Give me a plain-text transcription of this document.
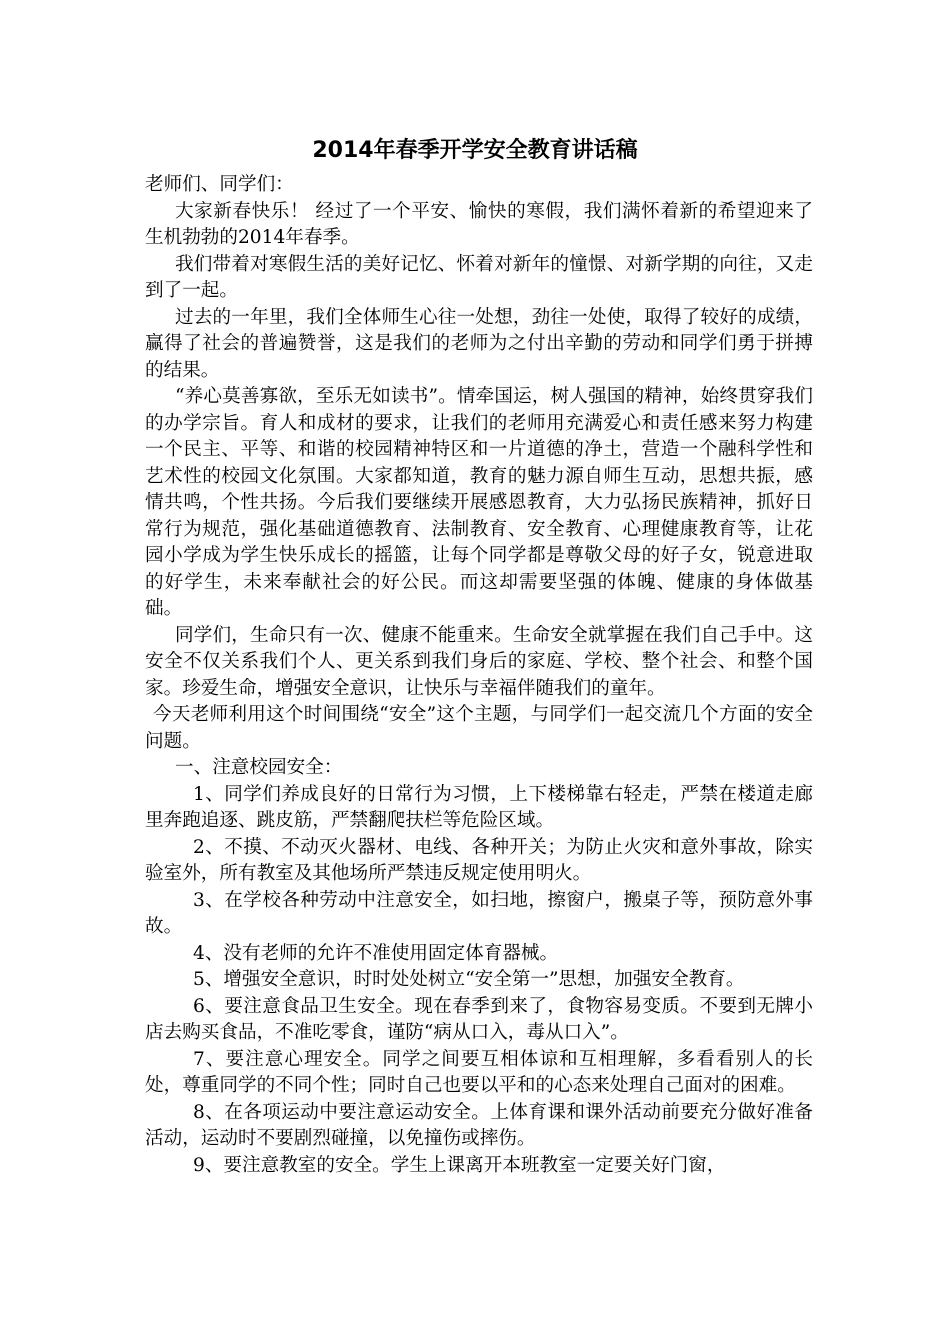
2014年春季开学安全教育讲话稿

老师们、同学们：

大家新春快乐！ 经过了一个平安、愉快的寒假，我们满怀着新的希望迎来了生机勃勃的2014年春季。

我们带着对寒假生活的美好记忆、怀着对新年的憧憬、对新学期的向往，又走到了一起。

过去的一年里，我们全体师生心往一处想，劲往一处使，取得了较好的成绩，赢得了社会的普遍赞誉，这是我们的老师为之付出辛勤的劳动和同学们勇于拼搏的结果。

“养心莫善寡欲，至乐无如读书”。情牵国运，树人强国的精神，始终贯穿我们的办学宗旨。育人和成材的要求，让我们的老师用充满爱心和责任感来努力构建一个民主、平等、和谐的校园精神特区和一片道德的净土，营造一个融科学性和艺术性的校园文化氛围。大家都知道，教育的魅力源自师生互动，思想共振，感情共鸣，个性共扬。今后我们要继续开展感恩教育，大力弘扬民族精神，抓好日常行为规范，强化基础道德教育、法制教育、安全教育、心理健康教育等，让花园小学成为学生快乐成长的摇篮，让每个同学都是尊敬父母的好子女，锐意进取的好学生，未来奉献社会的好公民。而这却需要坚强的体魄、健康的身体做基础。

同学们，生命只有一次、健康不能重来。生命安全就掌握在我们自己手中。这安全不仅关系我们个人、更关系到我们身后的家庭、学校、整个社会、和整个国家。珍爱生命，增强安全意识，让快乐与幸福伴随我们的童年。

今天老师利用这个时间围绕“安全”这个主题，与同学们一起交流几个方面的安全问题。

一、注意校园安全：

1、同学们养成良好的日常行为习惯，上下楼梯靠右轻走，严禁在楼道走廊里奔跑追逐、跳皮筋，严禁翻爬扶栏等危险区域。

2、不摸、不动灭火器材、电线、各种开关；为防止火灾和意外事故，除实验室外，所有教室及其他场所严禁违反规定使用明火。

3、在学校各种劳动中注意安全，如扫地，擦窗户，搬桌子等，预防意外事故。

4、没有老师的允许不准使用固定体育器械。

5、增强安全意识，时时处处树立“安全第一”思想，加强安全教育。

6、要注意食品卫生安全。现在春季到来了，食物容易变质。不要到无牌小店去购买食品，不准吃零食，谨防“病从口入，毒从口入”。

7、要注意心理安全。同学之间要互相体谅和互相理解，多看看别人的长处，尊重同学的不同个性；同时自己也要以平和的心态来处理自己面对的困难。

8、在各项运动中要注意运动安全。上体育课和课外活动前要充分做好准备活动，运动时不要剧烈碰撞，以免撞伤或摔伤。

9、要注意教室的安全。学生上课离开本班教室一定要关好门窗，
